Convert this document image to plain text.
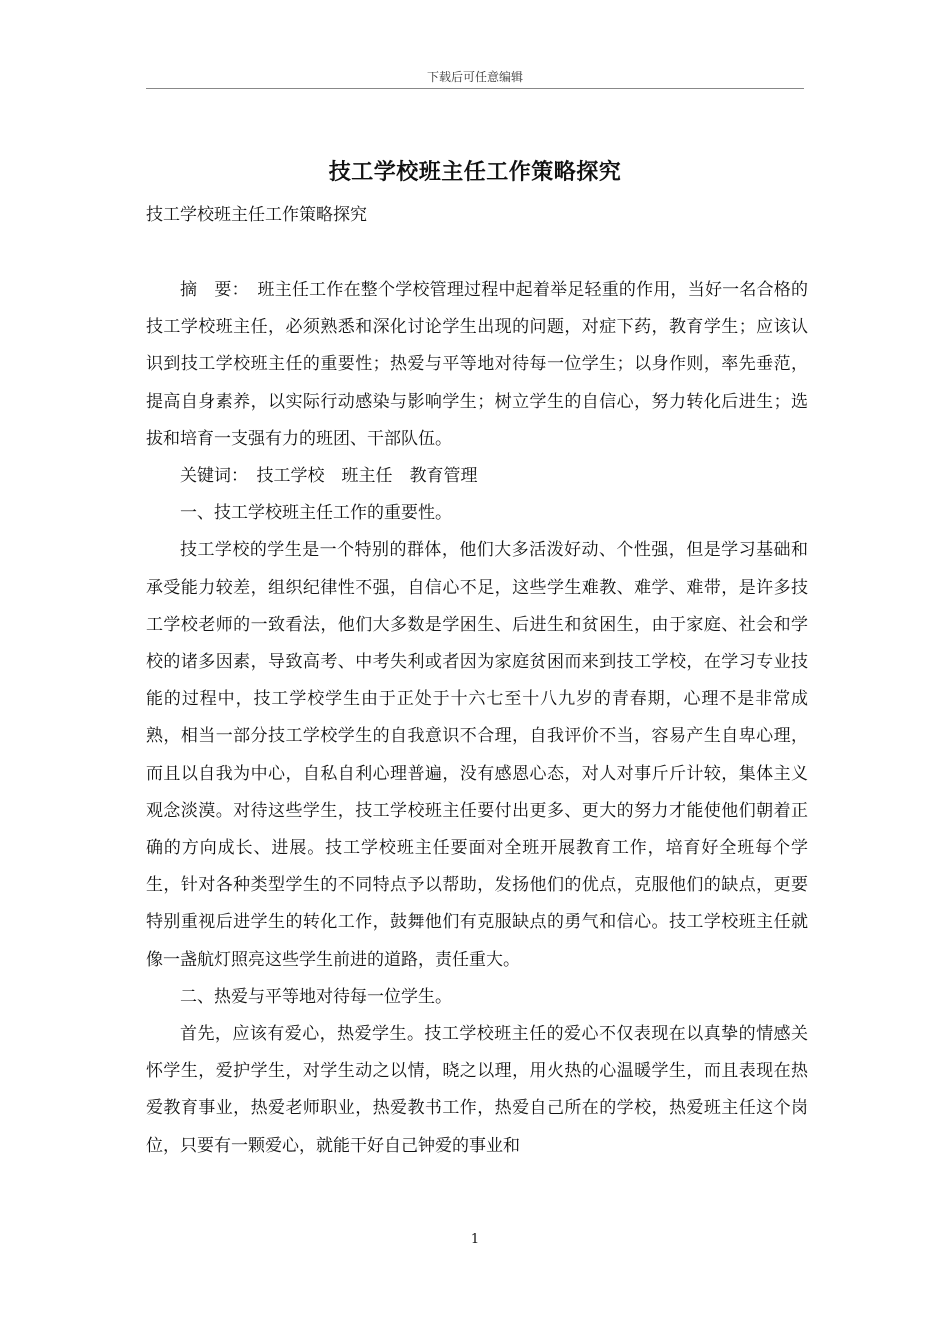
下载后可任意编辑
技工学校班主任工作策略探究
技工学校班主任工作策略探究

摘　要：　班主任工作在整个学校管理过程中起着举足轻重的作用，当好一名合格的技工学校班主任，必须熟悉和深化讨论学生出现的问题，对症下药，教育学生；应该认识到技工学校班主任的重要性；热爱与平等地对待每一位学生；以身作则，率先垂范，提高自身素养，以实际行动感染与影响学生；树立学生的自信心，努力转化后进生；选拔和培育一支强有力的班团、干部队伍。

关键词：　技工学校　班主任　教育管理

一、技工学校班主任工作的重要性。

技工学校的学生是一个特别的群体，他们大多活泼好动、个性强，但是学习基础和承受能力较差，组织纪律性不强，自信心不足，这些学生难教、难学、难带，是许多技工学校老师的一致看法，他们大多数是学困生、后进生和贫困生，由于家庭、社会和学校的诸多因素，导致高考、中考失利或者因为家庭贫困而来到技工学校，在学习专业技能的过程中，技工学校学生由于正处于十六七至十八九岁的青春期，心理不是非常成熟，相当一部分技工学校学生的自我意识不合理，自我评价不当，容易产生自卑心理，而且以自我为中心，自私自利心理普遍，没有感恩心态，对人对事斤斤计较，集体主义观念淡漠。对待这些学生，技工学校班主任要付出更多、更大的努力才能使他们朝着正确的方向成长、进展。技工学校班主任要面对全班开展教育工作，培育好全班每个学生，针对各种类型学生的不同特点予以帮助，发扬他们的优点，克服他们的缺点，更要特别重视后进学生的转化工作，鼓舞他们有克服缺点的勇气和信心。技工学校班主任就像一盏航灯照亮这些学生前进的道路，责任重大。

二、热爱与平等地对待每一位学生。

首先，应该有爱心，热爱学生。技工学校班主任的爱心不仅表现在以真挚的情感关怀学生，爱护学生，对学生动之以情，晓之以理，用火热的心温暖学生，而且表现在热爱教育事业，热爱老师职业，热爱教书工作，热爱自己所在的学校，热爱班主任这个岗位，只要有一颗爱心，就能干好自己钟爱的事业和

1
